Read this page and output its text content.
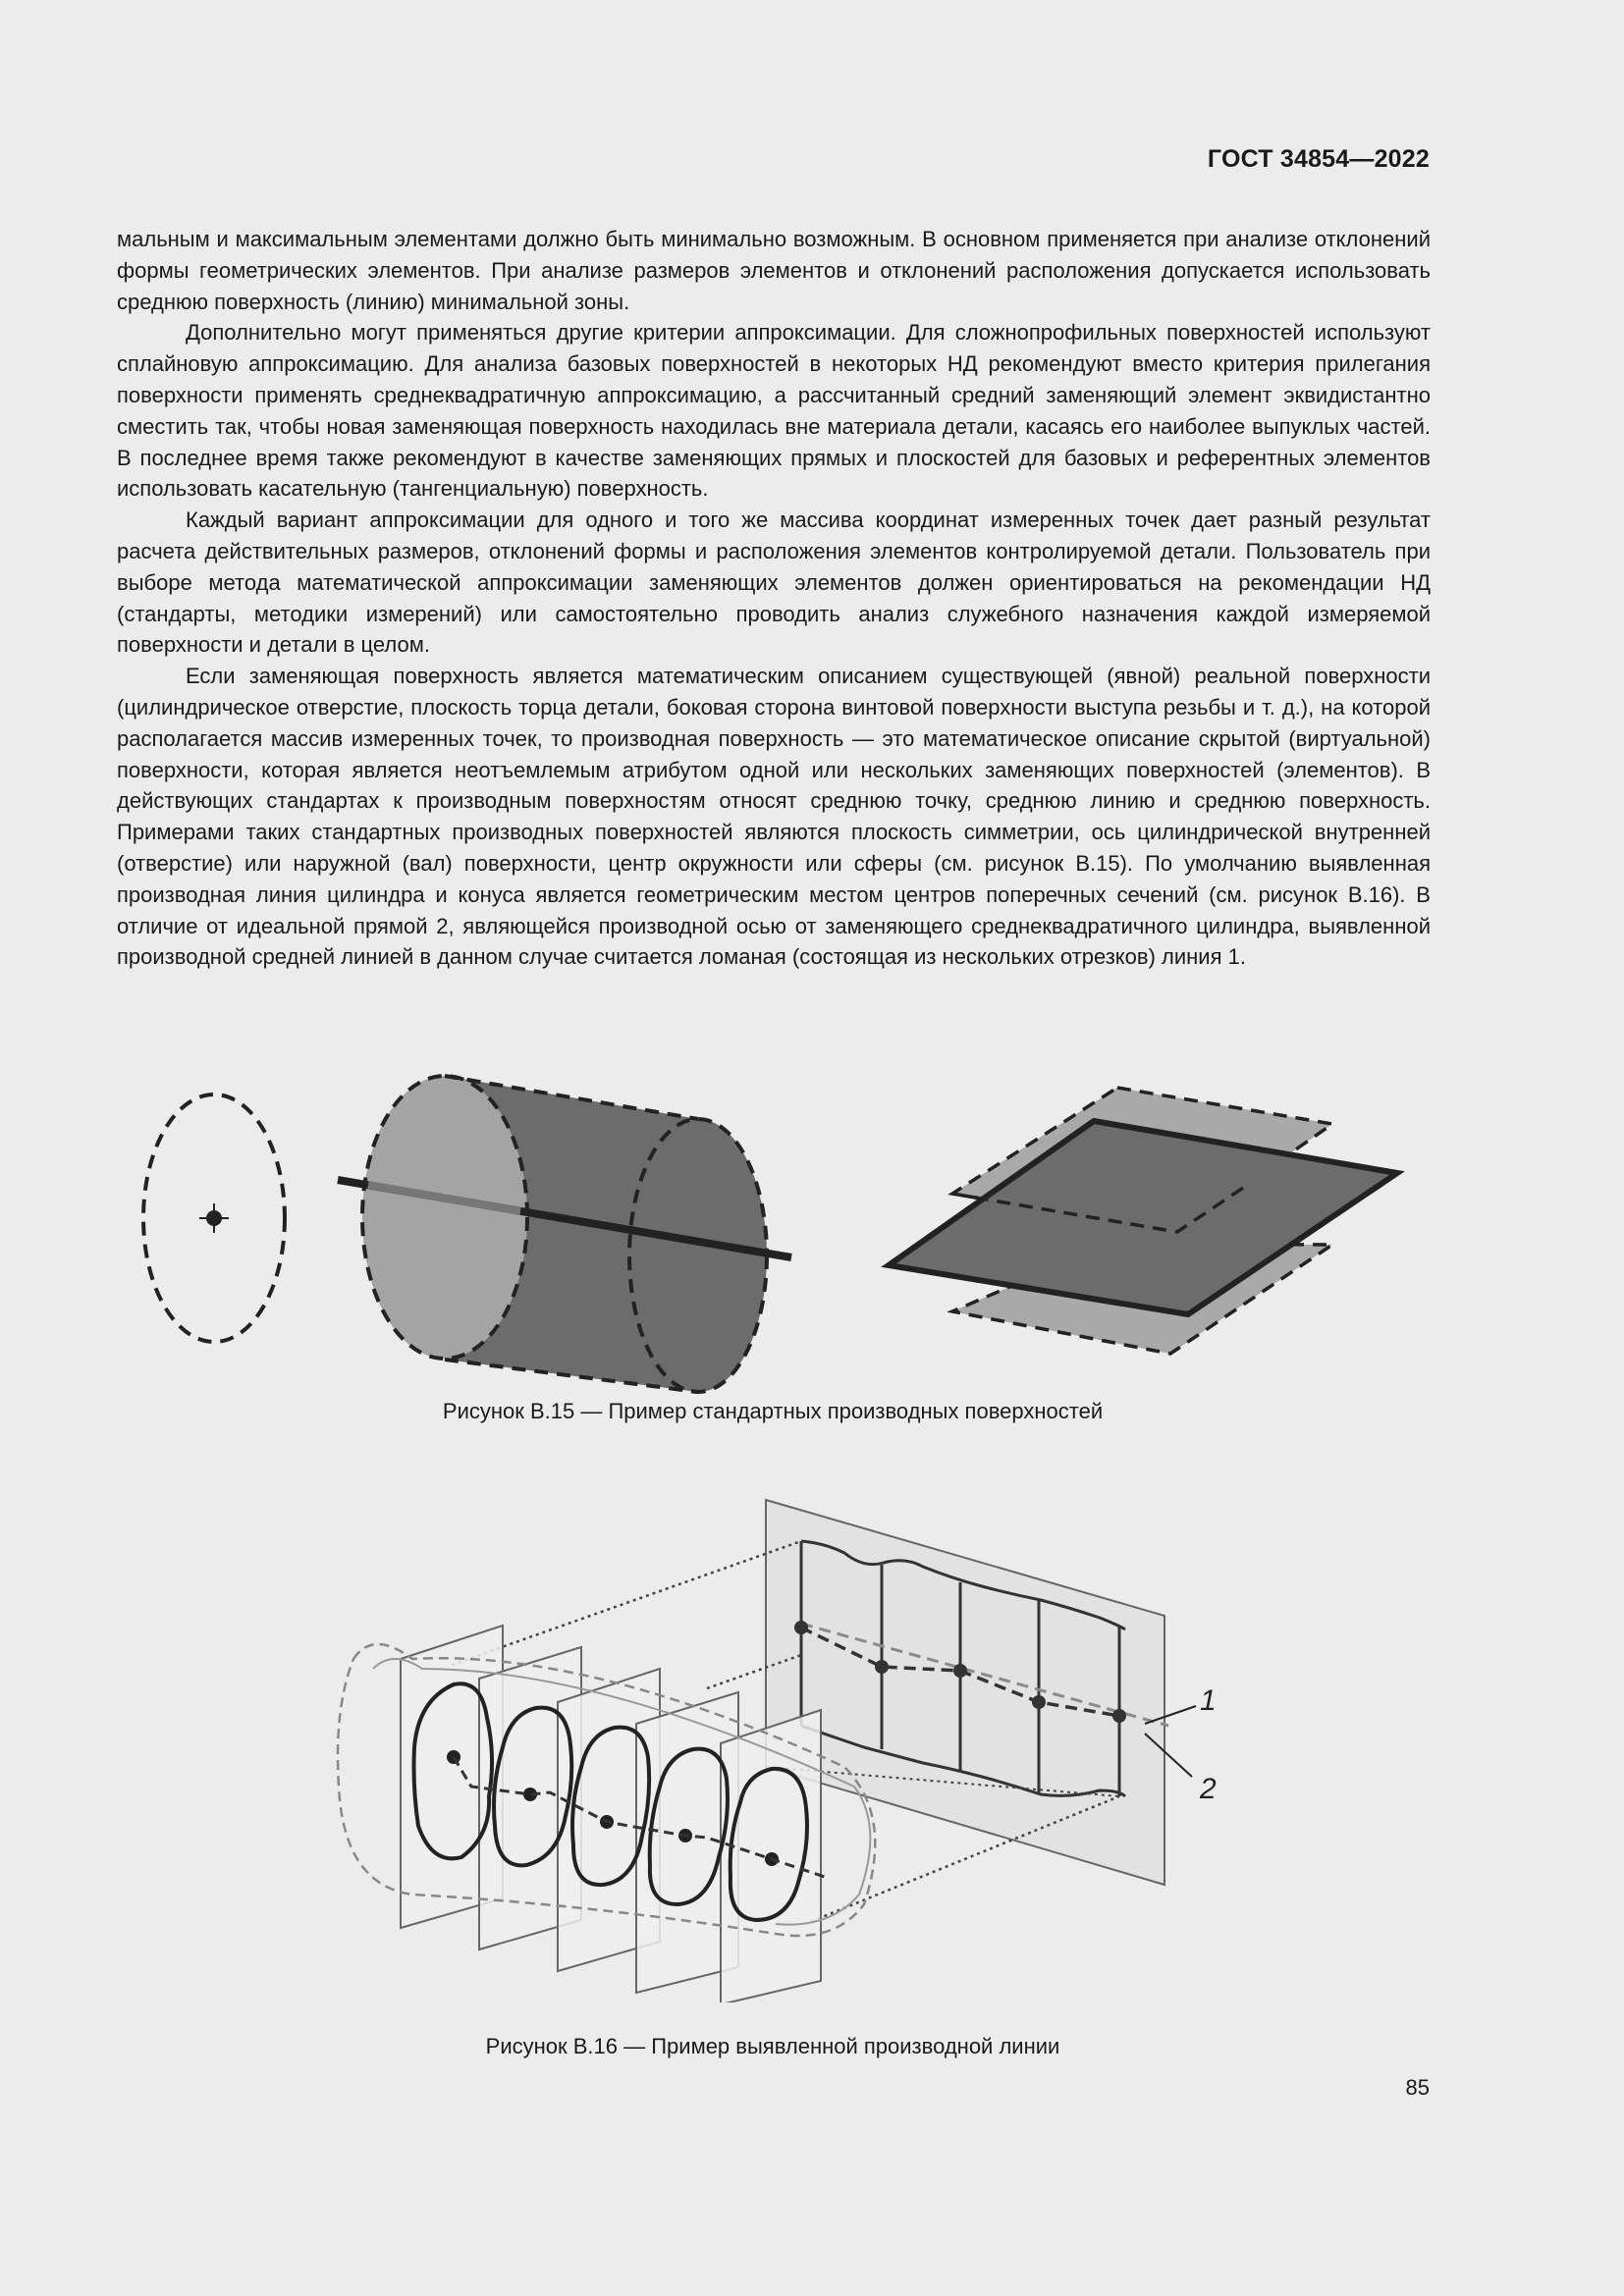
ГОСТ 34854—2022

мальным и максимальным элементами должно быть минимально возможным. В основном применяется при анализе отклонений формы геометрических элементов. При анализе размеров элементов и отклонений расположения допускается использовать среднюю поверхность (линию) минимальной зоны.

Дополнительно могут применяться другие критерии аппроксимации. Для сложнопрофильных поверхностей используют сплайновую аппроксимацию. Для анализа базовых поверхностей в некоторых НД рекомендуют вместо критерия прилегания поверхности применять среднеквадратичную аппроксимацию, а рассчитанный средний заменяющий элемент эквидистантно сместить так, чтобы новая заменяющая поверхность находилась вне материала детали, касаясь его наиболее выпуклых частей. В последнее время также рекомендуют в качестве заменяющих прямых и плоскостей для базовых и референтных элементов использовать касательную (тангенциальную) поверхность.

Каждый вариант аппроксимации для одного и того же массива координат измеренных точек дает разный результат расчета действительных размеров, отклонений формы и расположения элементов контролируемой детали. Пользователь при выборе метода математической аппроксимации заменяющих элементов должен ориентироваться на рекомендации НД (стандарты, методики измерений) или самостоятельно проводить анализ служебного назначения каждой измеряемой поверхности и детали в целом.

Если заменяющая поверхность является математическим описанием существующей (явной) реальной поверхности (цилиндрическое отверстие, плоскость торца детали, боковая сторона винтовой поверхности выступа резьбы и т. д.), на которой располагается массив измеренных точек, то производная поверхность — это математическое описание скрытой (виртуальной) поверхности, которая является неотъемлемым атрибутом одной или нескольких заменяющих поверхностей (элементов). В действующих стандартах к производным поверхностям относят среднюю точку, среднюю линию и среднюю поверхность. Примерами таких стандартных производных поверхностей являются плоскость симметрии, ось цилиндрической внутренней (отверстие) или наружной (вал) поверхности, центр окружности или сферы (см. рисунок В.15). По умолчанию выявленная производная линия цилиндра и конуса является геометрическим местом центров поперечных сечений (см. рисунок В.16). В отличие от идеальной прямой 2, являющейся производной осью от заменяющего среднеквадратичного цилиндра, выявленной производной средней линией в данном случае считается ломаная (состоящая из нескольких отрезков) линия 1.

Рисунок В.15 — Пример стандартных производных поверхностей
1
2
Рисунок В.16 — Пример выявленной производной линии
85
